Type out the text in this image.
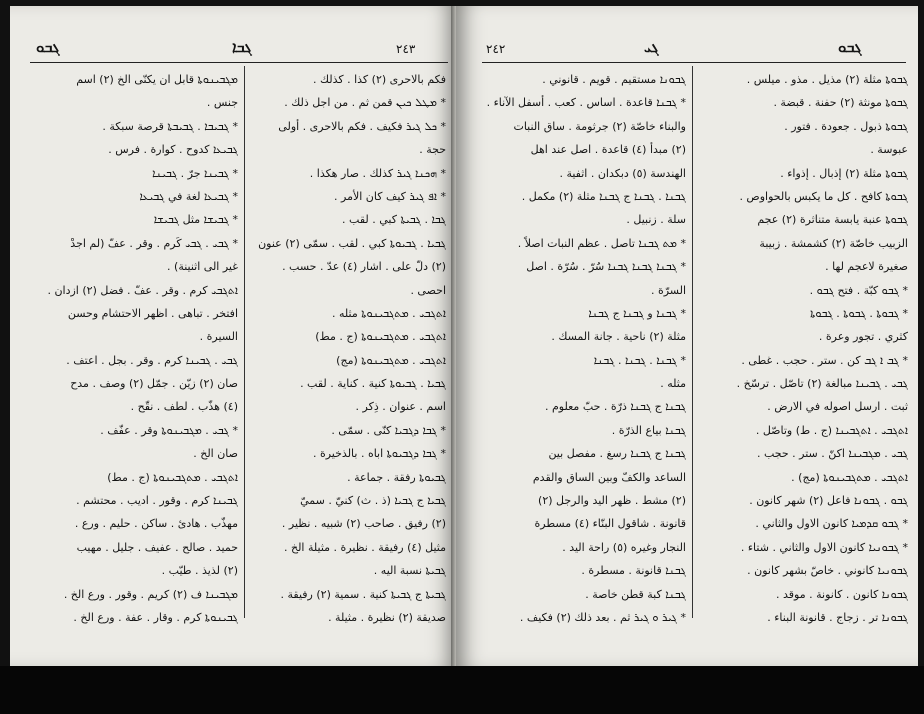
ܓܒܘ	ܓܒܐ	٢٤٣
فكم بالاحرى (٢) كذا . كذلك .
* ܡܛܠ ܟܝܢ قمن ثم . من اجل ذلك .
* ܟܠ ܓܝܪ فكيف . فكم بالاحرى . أولى
حجة .
* ܗܟܢܐ ܓܝܪ كذلك . صار هكذا .
* ܐܦ ܓܝܪ كيف كان الأمر .
ܓܒܐ . ܓܒܝܬܐ كبي . لقب .
ܓܒܝܐ . ܓܒܝܘܬܐ كبي . لقب . سمّى (٢) عنون
(٢) دلّ على . اشار (٤) عدّ . حسب .
احصى .
ܐܬܓܒܝ . ܡܬܓܒܝܢܘܬܐ مثله .
ܐܬܓܒܝ . ܡܬܓܒܝܢܘܬܐ (ج . مط)
ܐܬܓܒܝ . ܡܬܓܒܝܢܘܬܐ (مج)
ܓܒܝܐ . ܓܒܝܘܬܐ كنية . كناية . لقب .
اسم . عنوان . ذِكر .
* ܓܒܐ ܕܓܒܝܐ كنّى . سمّى .
* ܓܒܐ ܕܓܒܝܘܬܐ اباه . بالذخيرة .
ܓܒܝܘܬܐ رفقة . جماعة .
ܓܒܝܐ ج ܓܒܝܐ (ذ . ث) كنيّ . سميّ
(٢) رفيق . صاحب (٢) شبيه . نظير .
مثيل (٤) رفيقة . نظيرة . مثيلة الخ .
ܓܒܝܬܐ نسبة اليه .
ܓܒܝܬܐ ج ܓܒܝܬܐ كنية . سمية (٢) رفيقة .
صديقة (٢) نظيرة . مثيلة .
ܡܓܒܝܢܘܬܐ قابل ان يكنّى الخ (٢) اسم
جنس .
* ܓܒܝܒܐ . ܓܒܝܒܬܐ قرصة سبكة .
ܓܒܝܥܐ كدوح . كوارة . فرس .
* ܓܒܝܢܐ جرّ . ܓܒܝܢܐ
* ܓܒܝܥܐ لغة في ܓܒܝܥܐ
* ܓܒܝܫܐ مثل ܓܒܝܫܐ
* ܓܒܝ . ܓܒܝ كَرم . وقر . عفّ (لم اجدْ
غير الى اثنينة) .
ܐܬܓܒܝ كرم . وقر . عفّ . فضل (٢) ازدان .
افتخر . تباهى . اظهر الاحتشام وحسن
السيرة .
ܓܒܝ . ܓܒܝܢܐ كرم . وقر . بجل . اعتف .
صان (٢) زيّن . جمّل (٢) وصف . مدح
(٤) هذّب . لطف . نقّح .
* ܓܒܝ . ܡܓܒܝܢܘܬܐ وقر . عفّف .
صان الخ .
ܐܬܓܒܝ . ܡܬܓܒܝܢܘܬܐ (ج . مط)
ܓܒܝܢܐ كرم . وقور . اديب . محتشم .
مهذّب . هادئ . ساكن . حليم . ورع .
حميد . صالح . عفيف . جليل . مهيب
(٢) لذيذ . طيّب .
ܡܓܒܝܢܐ ف (٢) كريم . وقور . ورع الخ .
ܓܒܝܢܘܬܐ كرم . وقار . عفة . ورع الخ .
٢٤٢	ܓܝ	ܓܒܘ
ܓܒܘܬܐ مثلة (٢) مذيل . مذو . ميلس .
ܓܒܘܬܐ مونثة (٢) حفنة . قبضة .
ܓܒܘܬܐ ذبول . جعودة . فتور .
عبوسة .
ܓܒܘܬܐ مثلة (٢) إذبال . إذواء .
ܓܒܘܬܐ كافح . كل ما يكبس بالحواوص .
ܓܒܘܬܐ عنبة يابسة متناثرة (٢) عجم
الزبيب خاصّة (٢) كشمشة . زبيبة
صغيرة لاعجم لها .
* ܓܒܘ كبّة . فتح ܓܒܘ .
* ܓܒܘܬܐ . ܓܒܘܬܐ . ܓܒܘܬܐ
كثري . تجور وعرة .
* ܓܒ ܐ ܓܒ كن . ستر . حجب . غطى .
ܓܒܝ . ܓܒܝܢܐ مبالغة (٢) تاصّل . ترسّخ .
ثبت . ارسل اصوله في الارض .
ܐܬܓܒܝ . ܐܬܓܒܝܢܐ (ج . ط) وتاصّل .
ܓܒܝ . ܡܓܒܝܢܐ اكنّ . ستر . حجب .
ܐܬܓܒܝ . ܡܬܓܒܝܢܘܬܐ (مج) .
ܓܒܘ . ܓܒܘܢܐ فاعل (٢) شهر كانون .
* ܓܒܘ ܩܕܡܝܐ كانون الاول والثاني .
* ܓܒܘܢܝܐ كانون الاول والثاني . شتاء .
ܓܒܘܢܝܐ كانوني . خاصّ بشهر كانون .
ܓܒܘܢܐ كانون . كانونة . موقد .
ܓܒܘܢܐ تر . زجاج . قانونة البناء .
ܓܒܘܢܐ مستقيم . قويم . قانوني .
* ܓܒܢܐ قاعدة . اساس . كعب . أسفل الآناء .
والبناء خاصّة (٢) جرثومة . ساق النبات
(٢) مبدأ (٤) قاعدة . اصل عند اهل
الهندسة (٥) دبكدان . اثفية .
ܓܒܢܐ . ܓܒܢܐ ج ܓܒܢܐ مثلة (٢) مكمل .
سلة . زنبيل .
* ܡܬ ܓܒܢܐ تاصل . عظم النبات اصلاً .
* ܓܒܢܐ ܓܒܢܐ ܓܒܢܐ سُرّ . سُرّة . اصل
السرّة .
* ܓܒܢܐ و ܓܒܢܐ ج ܓܒܢܐ
مثلة (٢) ناحية . جانة المسك .
* ܓܒܢܐ . ܓܒܢܐ . ܓܒܢܐ
مثله .
ܓܒܢܐ ج ܓܒܢܐ ذرّة . حبّ معلوم .
ܓܒܢܐ بياع الذرّة .
ܓܒܢܐ ج ܓܒܢܐ رسغ . مفصل بين
الساعد والكفّ وبين الساق والقدم
(٢) مشط . ظهر اليد والرجل (٢)
قانونة . شاقول البنّاء (٤) مسطرة
النجار وغيره (٥) راحة اليد .
ܓܒܢܐ قانونة . مسطرة .
ܓܒܢܐ كبة قطن خاصة .
* ܓܝܪ ܘ ܓܝܪ ثم . بعد ذلك (٢) فكيف .
